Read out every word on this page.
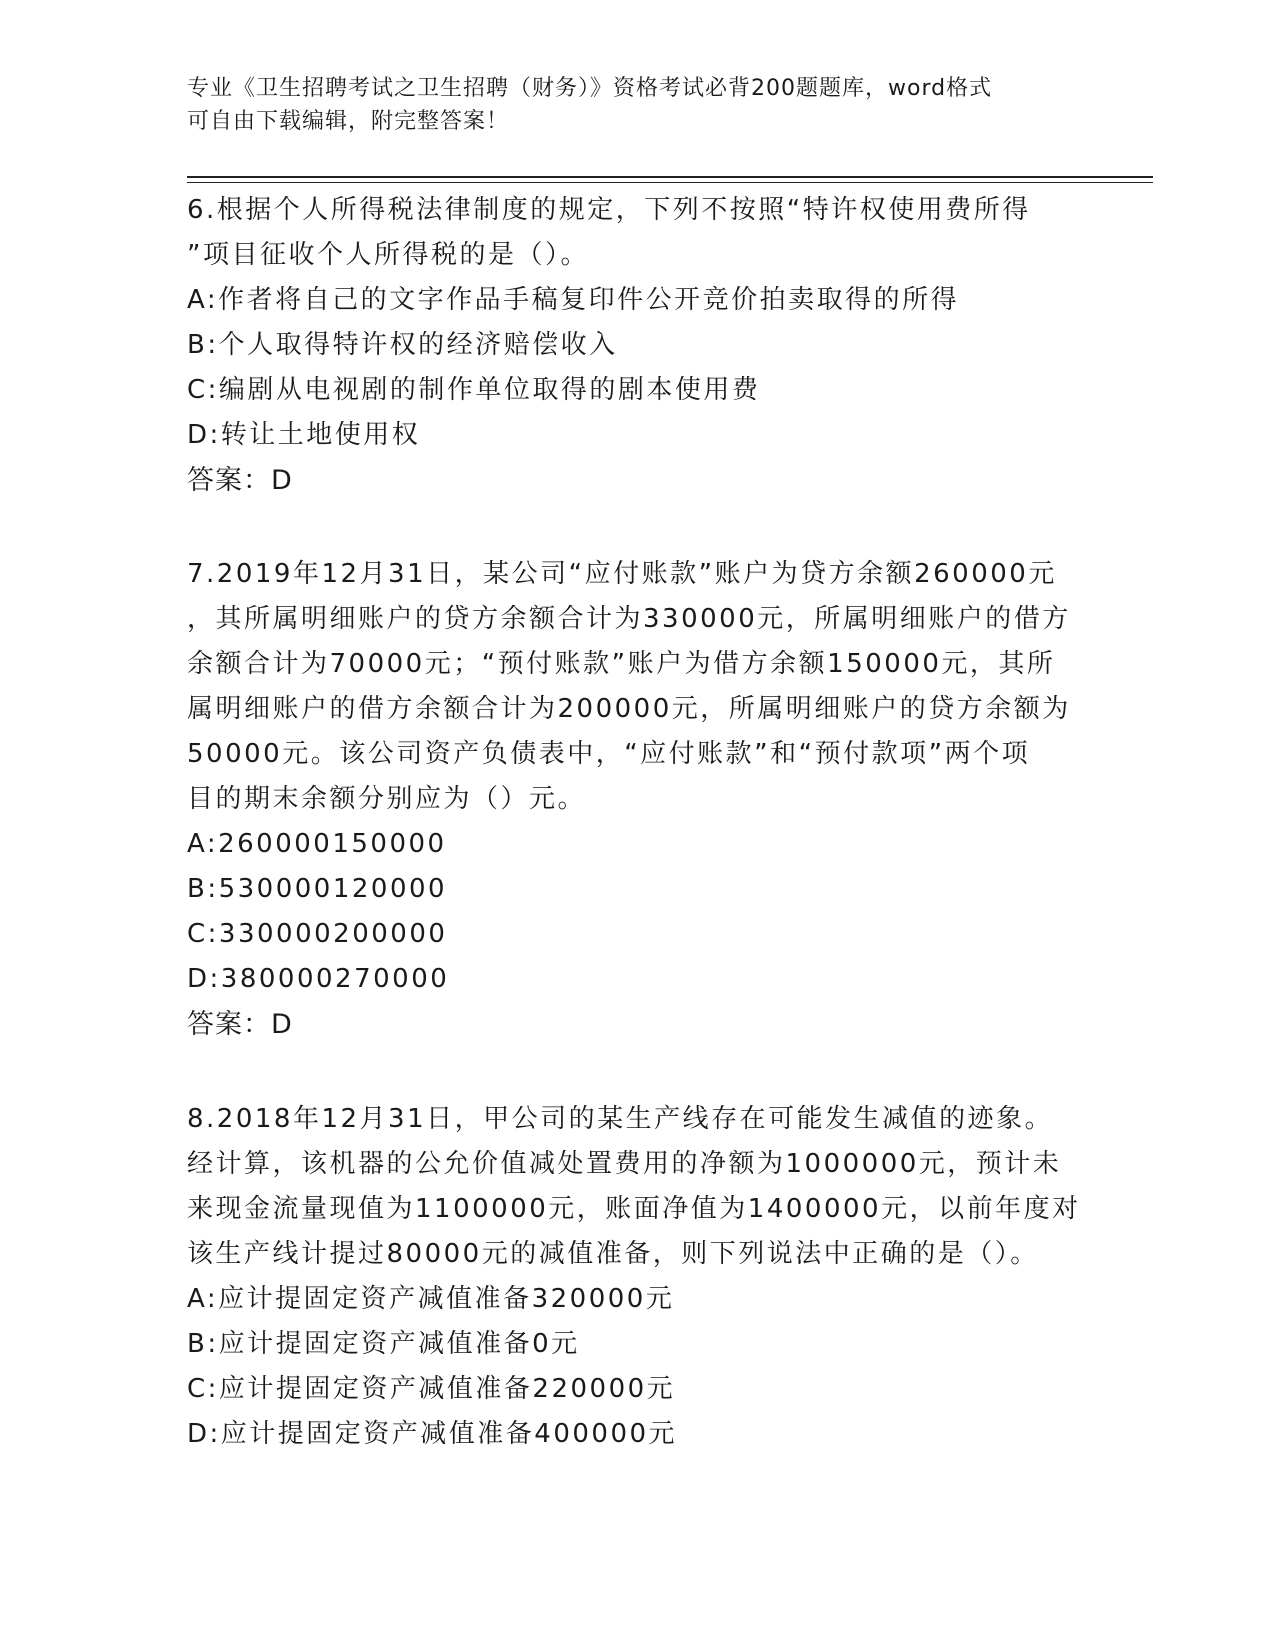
专业《卫生招聘考试之卫生招聘（财务）》资格考试必背200题题库，word格式
可自由下载编辑，附完整答案！
6.根据个人所得税法律制度的规定，下列不按照“特许权使用费所得
”项目征收个人所得税的是（）。
A:作者将自己的文字作品手稿复印件公开竞价拍卖取得的所得
B:个人取得特许权的经济赔偿收入
C:编剧从电视剧的制作单位取得的剧本使用费
D:转让土地使用权
答案：D
7.2019年12月31日，某公司“应付账款”账户为贷方余额260000元
，其所属明细账户的贷方余额合计为330000元，所属明细账户的借方
余额合计为70000元；“预付账款”账户为借方余额150000元，其所
属明细账户的借方余额合计为200000元，所属明细账户的贷方余额为
50000元。该公司资产负债表中，“应付账款”和“预付款项”两个项
目的期末余额分别应为（）元。
A:260000150000
B:530000120000
C:330000200000
D:380000270000
答案：D
8.2018年12月31日，甲公司的某生产线存在可能发生减值的迹象。
经计算，该机器的公允价值减处置费用的净额为1000000元，预计未
来现金流量现值为1100000元，账面净值为1400000元，以前年度对
该生产线计提过80000元的减值准备，则下列说法中正确的是（）。
A:应计提固定资产减值准备320000元
B:应计提固定资产减值准备0元
C:应计提固定资产减值准备220000元
D:应计提固定资产减值准备400000元
